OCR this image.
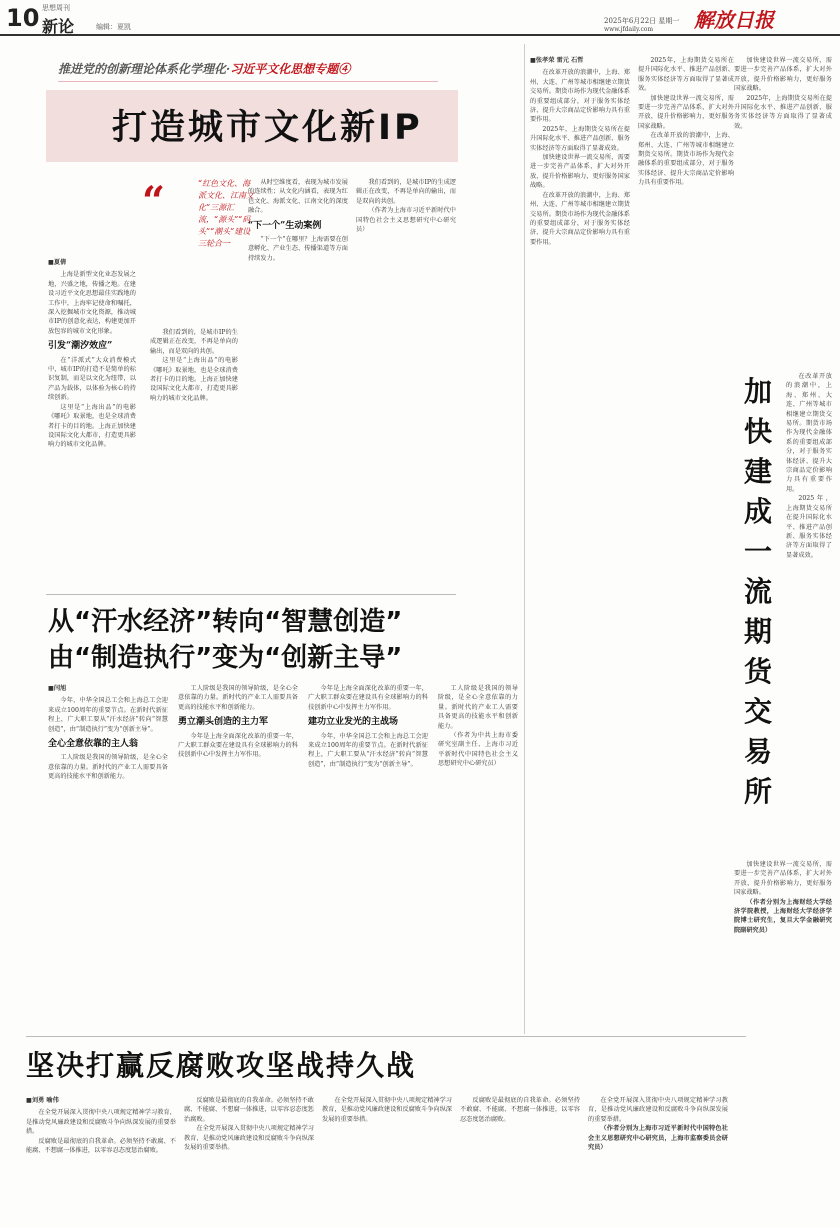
10 思想周刊
新论	编辑：夏凯
2025年6月22日 星期一
www.jfdaily.com 解放日报
推进党的创新理论体系化学理化·习近平文化思想专题④
打造城市文化新IP
“	“红色文化、海派文化、江南文化”三源汇流，“源头”“码头”“潮头”建设三轮合一
■夏倩

上海是新型文化业态发展之地，兴盛之地，传播之地。在建设习近平文化思想最佳实践地的工作中，上海牢记使命和嘱托，深入挖掘城市文化资源，推动城市IP的创意化表达，构建更加开放包容的城市文化形象。

引发“潮汐效应”

在“洋派式”大众消费模式中，城市IP的打造不是简单的标识复制，而是以文化为纽带，以产品为载体，以体验为核心的持续创新。

这里是“上海出品”的电影《哪吒》取景地，也是全球消费者打卡的目的地。上海正加快建设国际文化大都市，打造更具影响力的城市文化品牌。

我们看到的，是城市IP的生成逻辑正在改变，不再是单向的输出，而是双向的共创。

这里是“上海出品”的电影《哪吒》取景地，也是全球消费者打卡的目的地。上海正加快建设国际文化大都市，打造更具影响力的城市文化品牌。

从时空维度看，表现为城市发展的连续性；从文化内涵看，表现为红色文化、海派文化、江南文化的深度融合。

“下一个”生动案例

“下一个”在哪里？上海需要在创意孵化、产业生态、传播渠道等方面持续发力。

我们看到的，是城市IP的生成逻辑正在改变，不再是单向的输出，而是双向的共创。

（作者为上海市习近平新时代中国特色社会主义思想研究中心研究员）

从“汗水经济”转向“智慧创造”
由“制造执行”变为“创新主导”
■闫旭

今年，中华全国总工会和上海总工会迎来成立100周年的重要节点。在新时代新征程上，广大职工要从“汗水经济”转向“智慧创造”，由“制造执行”变为“创新主导”。

全心全意依靠的主人翁

工人阶级是我国的领导阶级，是全心全意依靠的力量。新时代的产业工人需要具备更高的技能水平和创新能力。

工人阶级是我国的领导阶级，是全心全意依靠的力量。新时代的产业工人需要具备更高的技能水平和创新能力。

勇立潮头创造的主力军

今年是上海全面深化改革的重要一年，广大职工群众要在建设具有全球影响力的科技创新中心中发挥主力军作用。

今年是上海全面深化改革的重要一年，广大职工群众要在建设具有全球影响力的科技创新中心中发挥主力军作用。

建功立业发光的主战场

今年，中华全国总工会和上海总工会迎来成立100周年的重要节点。在新时代新征程上，广大职工要从“汗水经济”转向“智慧创造”，由“制造执行”变为“创新主导”。

工人阶级是我国的领导阶级，是全心全意依靠的力量。新时代的产业工人需要具备更高的技能水平和创新能力。

（作者为中共上海市委研究室副主任、上海市习近平新时代中国特色社会主义思想研究中心研究员）

■张孝荣 雷元 石哲

在改革开放的浪潮中，上海、郑州、大连、广州等城市相继建立期货交易所。期货市场作为现代金融体系的重要组成部分，对于服务实体经济、提升大宗商品定价影响力具有重要作用。

2025年，上海期货交易所在提升国际化水平、推进产品创新、服务实体经济等方面取得了显著成效。

加快建设世界一流交易所，需要进一步完善产品体系，扩大对外开放，提升价格影响力，更好服务国家战略。

在改革开放的浪潮中，上海、郑州、大连、广州等城市相继建立期货交易所。期货市场作为现代金融体系的重要组成部分，对于服务实体经济、提升大宗商品定价影响力具有重要作用。

2025年，上海期货交易所在提升国际化水平、推进产品创新、服务实体经济等方面取得了显著成效。

加快建设世界一流交易所，需要进一步完善产品体系，扩大对外开放，提升价格影响力，更好服务国家战略。

在改革开放的浪潮中，上海、郑州、大连、广州等城市相继建立期货交易所。期货市场作为现代金融体系的重要组成部分，对于服务实体经济、提升大宗商品定价影响力具有重要作用。

加快建成一流期货交易所

加快建设世界一流交易所，需要进一步完善产品体系，扩大对外开放，提升价格影响力，更好服务国家战略。

2025年，上海期货交易所在提升国际化水平、推进产品创新、服务实体经济等方面取得了显著成效。

在改革开放的浪潮中，上海、郑州、大连、广州等城市相继建立期货交易所。期货市场作为现代金融体系的重要组成部分，对于服务实体经济、提升大宗商品定价影响力具有重要作用。

2025年，上海期货交易所在提升国际化水平、推进产品创新、服务实体经济等方面取得了显著成效。

加快建设世界一流交易所，需要进一步完善产品体系，扩大对外开放，提升价格影响力，更好服务国家战略。

（作者分别为上海财经大学经济学院教授，上海财经大学经济学院博士研究生，复旦大学金融研究院副研究员）

坚决打赢反腐败攻坚战持久战
■刘勇 喻伟

在全党开展深入贯彻中央八项规定精神学习教育，是推动党风廉政建设和反腐败斗争向纵深发展的重要举措。

反腐败是最彻底的自我革命。必须坚持不敢腐、不能腐、不想腐一体推进，以零容忍态度惩治腐败。

反腐败是最彻底的自我革命。必须坚持不敢腐、不能腐、不想腐一体推进，以零容忍态度惩治腐败。

在全党开展深入贯彻中央八项规定精神学习教育，是推动党风廉政建设和反腐败斗争向纵深发展的重要举措。

在全党开展深入贯彻中央八项规定精神学习教育，是推动党风廉政建设和反腐败斗争向纵深发展的重要举措。

反腐败是最彻底的自我革命。必须坚持不敢腐、不能腐、不想腐一体推进，以零容忍态度惩治腐败。

在全党开展深入贯彻中央八项规定精神学习教育，是推动党风廉政建设和反腐败斗争向纵深发展的重要举措。

（作者分别为上海市习近平新时代中国特色社会主义思想研究中心研究员，上海市监察委员会研究员）
